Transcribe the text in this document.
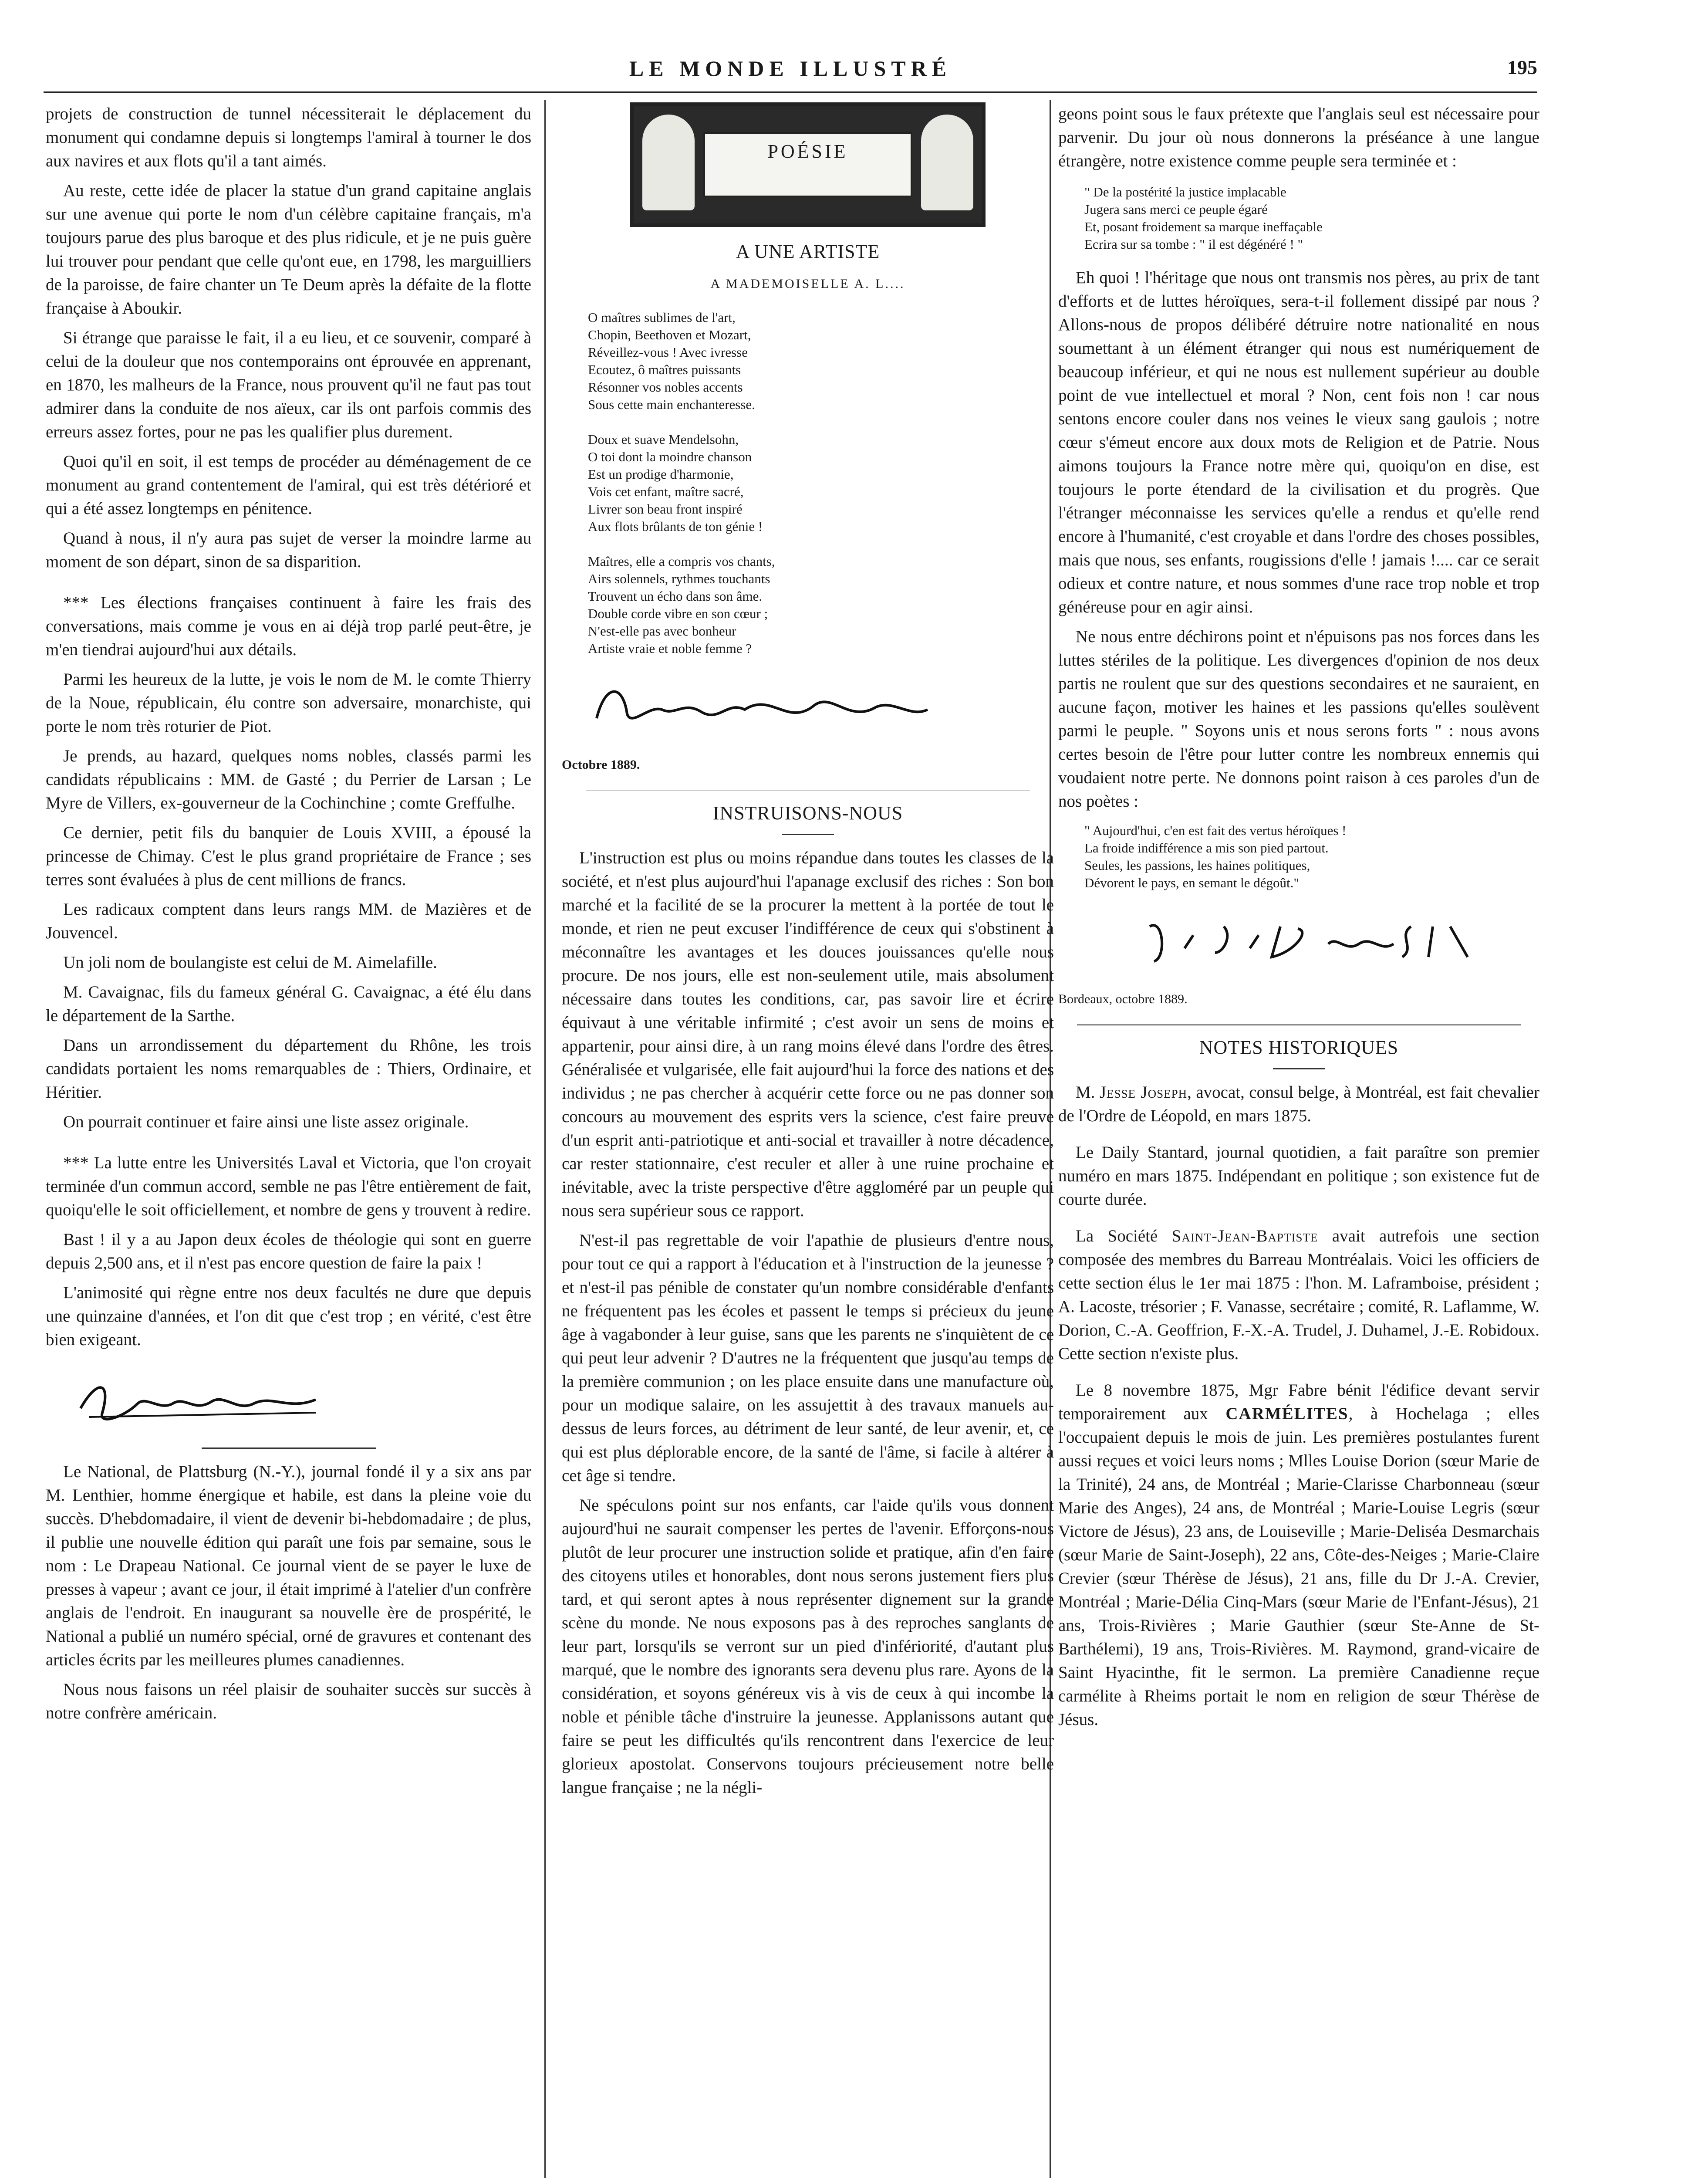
LE MONDE ILLUSTRÉ	195

projets de construction de tunnel nécessiterait le déplacement du monument qui condamne depuis si longtemps l'amiral à tourner le dos aux navires et aux flots qu'il a tant aimés.

Au reste, cette idée de placer la statue d'un grand capitaine anglais sur une avenue qui porte le nom d'un célèbre capitaine français, m'a toujours parue des plus baroque et des plus ridicule, et je ne puis guère lui trouver pour pendant que celle qu'ont eue, en 1798, les marguilliers de la paroisse, de faire chanter un Te Deum après la défaite de la flotte française à Aboukir.

Si étrange que paraisse le fait, il a eu lieu, et ce souvenir, comparé à celui de la douleur que nos contemporains ont éprouvée en apprenant, en 1870, les malheurs de la France, nous prouvent qu'il ne faut pas tout admirer dans la conduite de nos aïeux, car ils ont parfois commis des erreurs assez fortes, pour ne pas les qualifier plus durement.

Quoi qu'il en soit, il est temps de procéder au déménagement de ce monument au grand contentement de l'amiral, qui est très détérioré et qui a été assez longtemps en pénitence.

Quand à nous, il n'y aura pas sujet de verser la moindre larme au moment de son départ, sinon de sa disparition.

*** Les élections françaises continuent à faire les frais des conversations, mais comme je vous en ai déjà trop parlé peut-être, je m'en tiendrai aujourd'hui aux détails.

Parmi les heureux de la lutte, je vois le nom de M. le comte Thierry de la Noue, républicain, élu contre son adversaire, monarchiste, qui porte le nom très roturier de Piot.

Je prends, au hazard, quelques noms nobles, classés parmi les candidats républicains : MM. de Gasté ; du Perrier de Larsan ; Le Myre de Villers, ex-gouverneur de la Cochinchine ; comte Greffulhe.

Ce dernier, petit fils du banquier de Louis XVIII, a épousé la princesse de Chimay. C'est le plus grand propriétaire de France ; ses terres sont évaluées à plus de cent millions de francs.

Les radicaux comptent dans leurs rangs MM. de Mazières et de Jouvencel.

Un joli nom de boulangiste est celui de M. Aimelafille.

M. Cavaignac, fils du fameux général G. Cavaignac, a été élu dans le département de la Sarthe.

Dans un arrondissement du département du Rhône, les trois candidats portaient les noms remarquables de : Thiers, Ordinaire, et Héritier.

On pourrait continuer et faire ainsi une liste assez originale.

*** La lutte entre les Universités Laval et Victoria, que l'on croyait terminée d'un commun accord, semble ne pas l'être entièrement de fait, quoiqu'elle le soit officiellement, et nombre de gens y trouvent à redire.

Bast ! il y a au Japon deux écoles de théologie qui sont en guerre depuis 2,500 ans, et il n'est pas encore question de faire la paix !

L'animosité qui règne entre nos deux facultés ne dure que depuis une quinzaine d'années, et l'on dit que c'est trop ; en vérité, c'est être bien exigeant.

Le National, de Plattsburg (N.-Y.), journal fondé il y a six ans par M. Lenthier, homme énergique et habile, est dans la pleine voie du succès. D'hebdomadaire, il vient de devenir bi-hebdomadaire ; de plus, il publie une nouvelle édition qui paraît une fois par semaine, sous le nom : Le Drapeau National. Ce journal vient de se payer le luxe de presses à vapeur ; avant ce jour, il était imprimé à l'atelier d'un confrère anglais de l'endroit. En inaugurant sa nouvelle ère de prospérité, le National a publié un numéro spécial, orné de gravures et contenant des articles écrits par les meilleures plumes canadiennes.

Nous nous faisons un réel plaisir de souhaiter succès sur succès à notre confrère américain.

POÉSIE
A UNE ARTISTE
A MADEMOISELLE A. L....
O maîtres sublimes de l'art,
Chopin, Beethoven et Mozart,
Réveillez-vous ! Avec ivresse
Ecoutez, ô maîtres puissants
Résonner vos nobles accents
Sous cette main enchanteresse.
Doux et suave Mendelsohn,
O toi dont la moindre chanson
Est un prodige d'harmonie,
Vois cet enfant, maître sacré,
Livrer son beau front inspiré
Aux flots brûlants de ton génie !
Maîtres, elle a compris vos chants,
Airs solennels, rythmes touchants
Trouvent un écho dans son âme.
Double corde vibre en son cœur ;
N'est-elle pas avec bonheur
Artiste vraie et noble femme ?
Octobre 1889.
INSTRUISONS-NOUS

L'instruction est plus ou moins répandue dans toutes les classes de la société, et n'est plus aujourd'hui l'apanage exclusif des riches : Son bon marché et la facilité de se la procurer la mettent à la portée de tout le monde, et rien ne peut excuser l'indifférence de ceux qui s'obstinent à méconnaître les avantages et les douces jouissances qu'elle nous procure. De nos jours, elle est non-seulement utile, mais absolument nécessaire dans toutes les conditions, car, pas savoir lire et écrire équivaut à une véritable infirmité ; c'est avoir un sens de moins et appartenir, pour ainsi dire, à un rang moins élevé dans l'ordre des êtres. Généralisée et vulgarisée, elle fait aujourd'hui la force des nations et des individus ; ne pas chercher à acquérir cette force ou ne pas donner son concours au mouvement des esprits vers la science, c'est faire preuve d'un esprit anti-patriotique et anti-social et travailler à notre décadence, car rester stationnaire, c'est reculer et aller à une ruine prochaine et inévitable, avec la triste perspective d'être aggloméré par un peuple qui nous sera supérieur sous ce rapport.

N'est-il pas regrettable de voir l'apathie de plusieurs d'entre nous, pour tout ce qui a rapport à l'éducation et à l'instruction de la jeunesse ? et n'est-il pas pénible de constater qu'un nombre considérable d'enfants ne fréquentent pas les écoles et passent le temps si précieux du jeune âge à vagabonder à leur guise, sans que les parents ne s'inquiètent de ce qui peut leur advenir ? D'autres ne la fréquentent que jusqu'au temps de la première communion ; on les place ensuite dans une manufacture où, pour un modique salaire, on les assujettit à des travaux manuels au-dessus de leurs forces, au détriment de leur santé, de leur avenir, et, ce qui est plus déplorable encore, de la santé de l'âme, si facile à altérer à cet âge si tendre.

Ne spéculons point sur nos enfants, car l'aide qu'ils vous donnent aujourd'hui ne saurait compenser les pertes de l'avenir. Efforçons-nous plutôt de leur procurer une instruction solide et pratique, afin d'en faire des citoyens utiles et honorables, dont nous serons justement fiers plus tard, et qui seront aptes à nous représenter dignement sur la grande scène du monde. Ne nous exposons pas à des reproches sanglants de leur part, lorsqu'ils se verront sur un pied d'infériorité, d'autant plus marqué, que le nombre des ignorants sera devenu plus rare. Ayons de la considération, et soyons généreux vis à vis de ceux à qui incombe la noble et pénible tâche d'instruire la jeunesse. Applanissons autant que faire se peut les difficultés qu'ils rencontrent dans l'exercice de leur glorieux apostolat. Conservons toujours précieusement notre belle langue française ; ne la négli-

geons point sous le faux prétexte que l'anglais seul est nécessaire pour parvenir. Du jour où nous donnerons la préséance à une langue étrangère, notre existence comme peuple sera terminée et :

" De la postérité la justice implacable
Jugera sans merci ce peuple égaré
Et, posant froidement sa marque ineffaçable
Ecrira sur sa tombe : " il est dégénéré ! "

Eh quoi ! l'héritage que nous ont transmis nos pères, au prix de tant d'efforts et de luttes héroïques, sera-t-il follement dissipé par nous ? Allons-nous de propos délibéré détruire notre nationalité en nous soumettant à un élément étranger qui nous est numériquement de beaucoup inférieur, et qui ne nous est nullement supérieur au double point de vue intellectuel et moral ? Non, cent fois non ! car nous sentons encore couler dans nos veines le vieux sang gaulois ; notre cœur s'émeut encore aux doux mots de Religion et de Patrie. Nous aimons toujours la France notre mère qui, quoiqu'on en dise, est toujours le porte étendard de la civilisation et du progrès. Que l'étranger méconnaisse les services qu'elle a rendus et qu'elle rend encore à l'humanité, c'est croyable et dans l'ordre des choses possibles, mais que nous, ses enfants, rougissions d'elle ! jamais !.... car ce serait odieux et contre nature, et nous sommes d'une race trop noble et trop généreuse pour en agir ainsi.

Ne nous entre déchirons point et n'épuisons pas nos forces dans les luttes stériles de la politique. Les divergences d'opinion de nos deux partis ne roulent que sur des questions secondaires et ne sauraient, en aucune façon, motiver les haines et les passions qu'elles soulèvent parmi le peuple. " Soyons unis et nous serons forts " : nous avons certes besoin de l'être pour lutter contre les nombreux ennemis qui voudaient notre perte. Ne donnons point raison à ces paroles d'un de nos poètes :

" Aujourd'hui, c'en est fait des vertus héroïques !
La froide indifférence a mis son pied partout.
Seules, les passions, les haines politiques,
Dévorent le pays, en semant le dégoût."
Bordeaux, octobre 1889.
NOTES HISTORIQUES

M. Jesse Joseph, avocat, consul belge, à Montréal, est fait chevalier de l'Ordre de Léopold, en mars 1875.

Le Daily Stantard, journal quotidien, a fait paraître son premier numéro en mars 1875. Indépendant en politique ; son existence fut de courte durée.

La Société Saint-Jean-Baptiste avait autrefois une section composée des membres du Barreau Montréalais. Voici les officiers de cette section élus le 1er mai 1875 : l'hon. M. Laframboise, président ; A. Lacoste, trésorier ; F. Vanasse, secrétaire ; comité, R. Laflamme, W. Dorion, C.-A. Geoffrion, F.-X.-A. Trudel, J. Duhamel, J.-E. Robidoux. Cette section n'existe plus.

Le 8 novembre 1875, Mgr Fabre bénit l'édifice devant servir temporairement aux CARMÉLITES, à Hochelaga ; elles l'occupaient depuis le mois de juin. Les premières postulantes furent aussi reçues et voici leurs noms ; Mlles Louise Dorion (sœur Marie de la Trinité), 24 ans, de Montréal ; Marie-Clarisse Charbonneau (sœur Marie des Anges), 24 ans, de Montréal ; Marie-Louise Legris (sœur Victore de Jésus), 23 ans, de Louiseville ; Marie-Deliséa Desmarchais (sœur Marie de Saint-Joseph), 22 ans, Côte-des-Neiges ; Marie-Claire Crevier (sœur Thérèse de Jésus), 21 ans, fille du Dr J.-A. Crevier, Montréal ; Marie-Délia Cinq-Mars (sœur Marie de l'Enfant-Jésus), 21 ans, Trois-Rivières ; Marie Gauthier (sœur Ste-Anne de St-Barthélemi), 19 ans, Trois-Rivières. M. Raymond, grand-vicaire de Saint Hyacinthe, fit le sermon. La première Canadienne reçue carmélite à Rheims portait le nom en religion de sœur Thérèse de Jésus.
